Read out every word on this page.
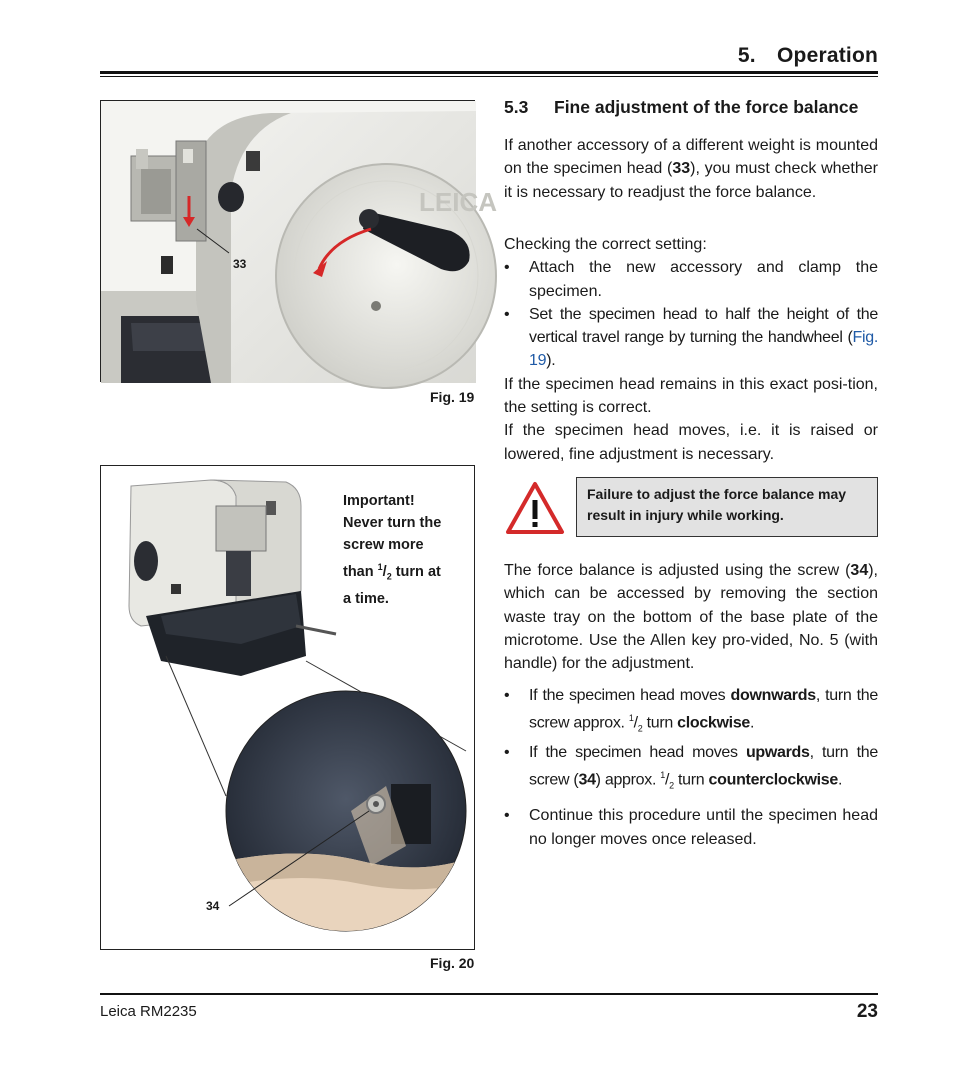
5. Operation
LEICA
33
Fig. 19
Important!
Never turn the
screw more
than $^1/_2$ turn at
a time.
34
Fig. 20
5.3 Fine adjustment of the force balance

If another accessory of a different weight is mounted on the specimen head (33), you must check whether it is necessary to readjust the force balance.

Checking the correct setting:

• Attach the new accessory and clamp the specimen.
• Set the specimen head to half the height of the vertical travel range by turning the handwheel (Fig. 19).

If the specimen head remains in this exact posi-tion, the setting is correct.

If the specimen head moves, i.e. it is raised or lowered, fine adjustment is necessary.

Failure to adjust the force balance may result in injury while working.

The force balance is adjusted using the screw (34), which can be accessed by removing the section waste tray on the bottom of the base plate of the microtome. Use the Allen key pro-vided, No. 5 (with handle) for the adjustment.

• If the specimen head moves downwards, turn the screw approx. $^1/_2$ turn clockwise.
• If the specimen head moves upwards, turn the screw (34) approx. $^1/_2$ turn counterclockwise.
• Continue this procedure until the specimen head no longer moves once released.
Leica RM2235	23
